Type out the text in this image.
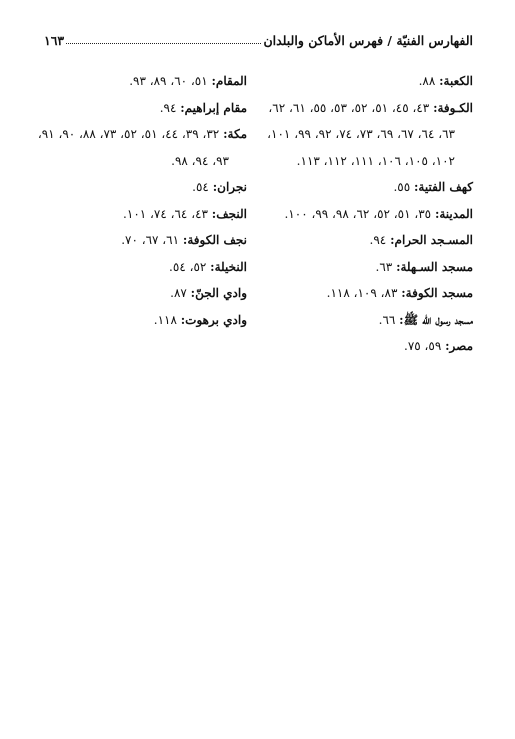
الفهارس الفنيّة / فهرس الأماكن والبلدان
١٦٣
الكعبة: ٨٨.
الكـوفة: ٤٣، ٤٥، ٥١، ٥٢، ٥٣، ٥٥، ٦١، ٦٢،
٦٣، ٦٤، ٦٧، ٦٩، ٧٣، ٧٤، ٩٢، ٩٩، ١٠١،
١٠٢، ١٠٥، ١٠٦، ١١١، ١١٢، ١١٣.
كهف الفتية: ٥٥.
المدينة: ٣٥، ٥١، ٥٢، ٦٢، ٩٨، ٩٩، ١٠٠.
المسـجد الحرام: ٩٤.
مسجد السـهلة: ٦٣.
مسجد الكوفة: ٨٣، ١٠٩، ١١٨.
مسجد رسول الله ﷺ: ٦٦.
مصر: ٥٩، ٧٥.
المقام: ٥١، ٦٠، ٨٩، ٩٣.
مقام إبراهيم: ٩٤.
مكة: ٣٢، ٣٩، ٤٤، ٥١، ٥٢، ٧٣، ٨٨، ٩٠، ٩١،
٩٣، ٩٤، ٩٨.
نجران: ٥٤.
النجف: ٤٣، ٦٤، ٧٤، ١٠١.
نجف الكوفة: ٦١، ٦٧، ٧٠.
النخيلة: ٥٢، ٥٤.
وادي الجنّ: ٨٧.
وادي برهوت: ١١٨.
